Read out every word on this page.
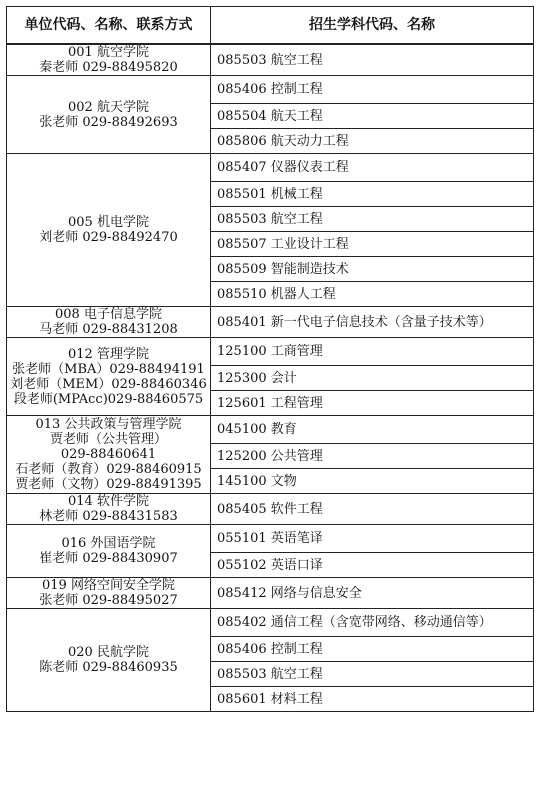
单位代码、名称、联系方式	招生学科代码、名称

001 航空学院
秦老师 029-88495820	085503 航空工程

002 航天学院
张老师 029-88492693	085406 控制工程
	085504 航天工程
	085806 航天动力工程

005 机电学院
刘老师 029-88492470	085407 仪器仪表工程
	085501 机械工程
	085503 航空工程
	085507 工业设计工程
	085509 智能制造技术
	085510 机器人工程

008 电子信息学院
马老师 029-88431208	085401 新一代电子信息技术（含量子技术等）

012 管理学院
张老师（MBA）029-88494191
刘老师（MEM）029-88460346
段老师(MPAcc)029-88460575	125100 工商管理
	125300 会计
	125601 工程管理

013 公共政策与管理学院
贾老师（公共管理）
029-88460641
石老师（教育）029-88460915
贾老师（文物）029-88491395	045100 教育
	125200 公共管理
	145100 文物

014 软件学院
林老师 029-88431583	085405 软件工程

016 外国语学院
崔老师 029-88430907	055101 英语笔译
	055102 英语口译

019 网络空间安全学院
张老师 029-88495027	085412 网络与信息安全

020 民航学院
陈老师 029-88460935	085402 通信工程（含宽带网络、移动通信等）
	085406 控制工程
	085503 航空工程
	085601 材料工程
